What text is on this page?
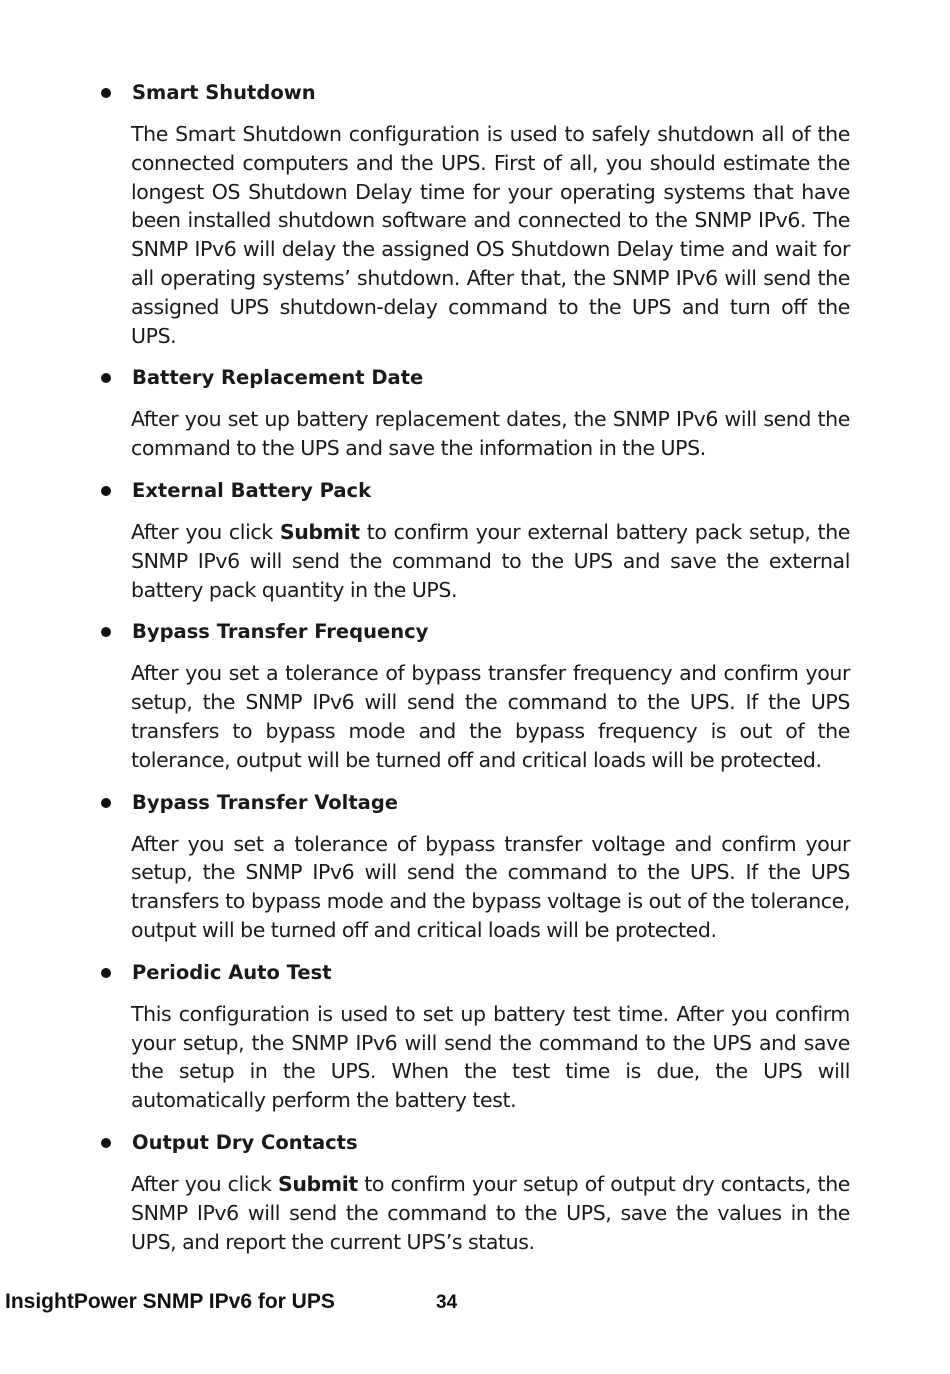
Smart Shutdown

The Smart Shutdown configuration is used to safely shutdown all of the connected computers and the UPS. First of all, you should estimate the longest OS Shutdown Delay time for your operating systems that have been installed shutdown software and connected to the SNMP IPv6. The SNMP IPv6 will delay the assigned OS Shutdown Delay time and wait for all operating systems’ shutdown. After that, the SNMP IPv6 will send the assigned UPS shutdown-delay command to the UPS and turn off the UPS.

Battery Replacement Date

After you set up battery replacement dates, the SNMP IPv6 will send the command to the UPS and save the information in the UPS.

External Battery Pack

After you click Submit to confirm your external battery pack setup, the SNMP IPv6 will send the command to the UPS and save the external battery pack quantity in the UPS.

Bypass Transfer Frequency

After you set a tolerance of bypass transfer frequency and confirm your setup, the SNMP IPv6 will send the command to the UPS. If the UPS transfers to bypass mode and the bypass frequency is out of the tolerance, output will be turned off and critical loads will be protected.

Bypass Transfer Voltage

After you set a tolerance of bypass transfer voltage and confirm your setup, the SNMP IPv6 will send the command to the UPS. If the UPS transfers to bypass mode and the bypass voltage is out of the tolerance, output will be turned off and critical loads will be protected.

Periodic Auto Test

This configuration is used to set up battery test time. After you confirm your setup, the SNMP IPv6 will send the command to the UPS and save the setup in the UPS. When the test time is due, the UPS will automatically perform the battery test.

Output Dry Contacts

After you click Submit to confirm your setup of output dry contacts, the SNMP IPv6 will send the command to the UPS, save the values in the UPS, and report the current UPS’s status.

InsightPower SNMP IPv6 for UPS	34
